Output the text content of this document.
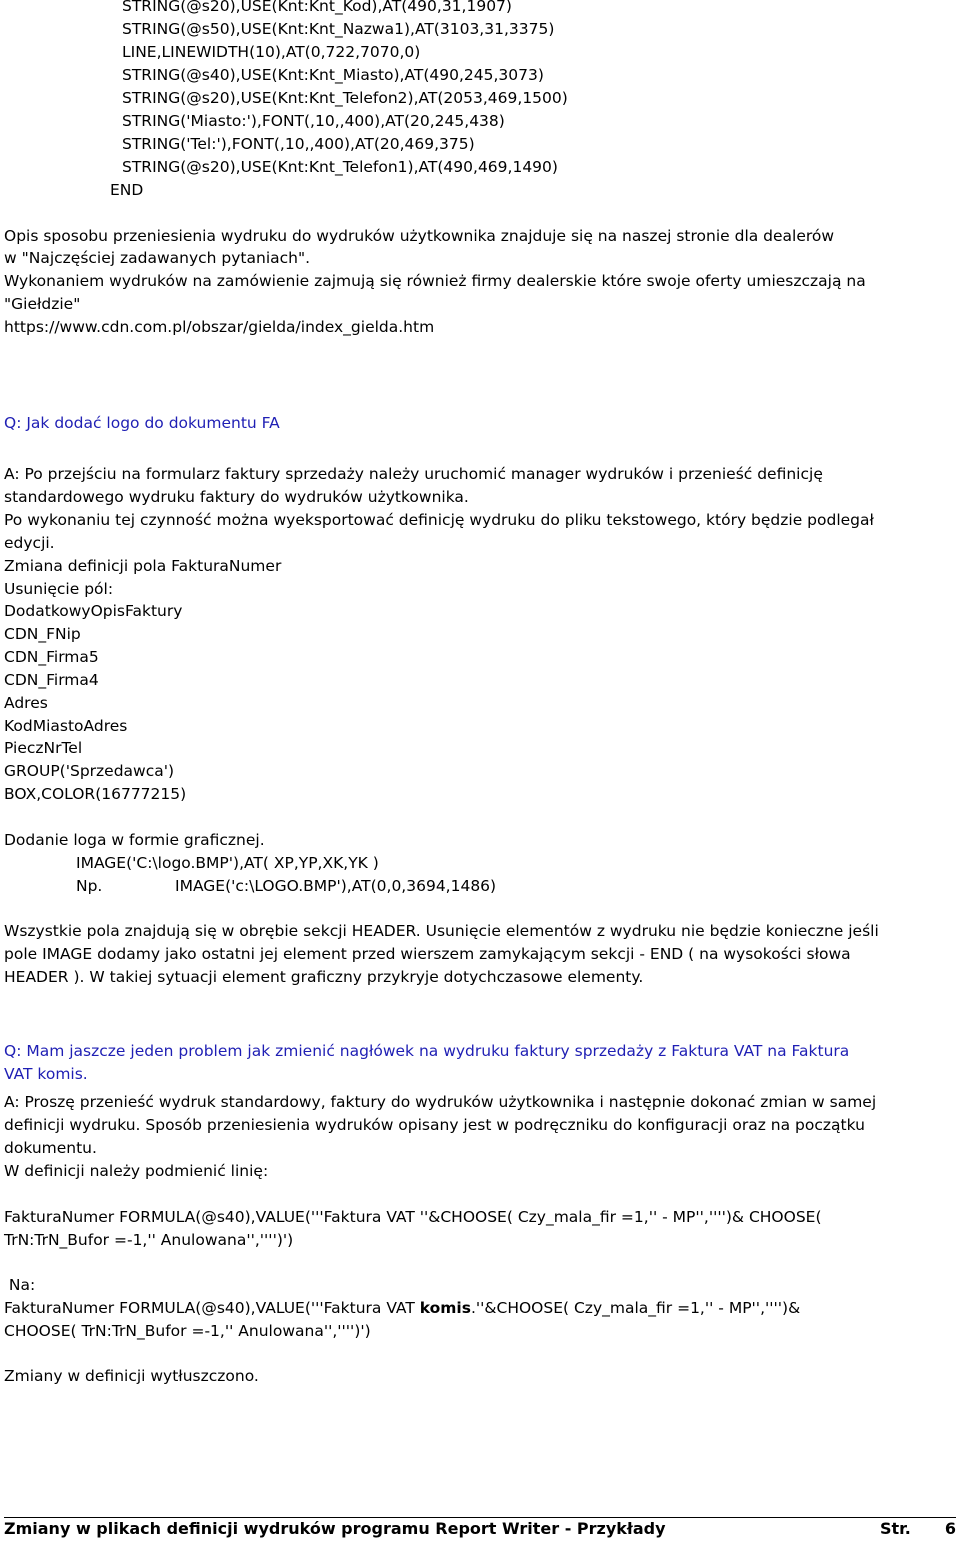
STRING(@s20),USE(Knt:Knt_Kod),AT(490,31,1907)
STRING(@s50),USE(Knt:Knt_Nazwa1),AT(3103,31,3375)
LINE,LINEWIDTH(10),AT(0,722,7070,0)
STRING(@s40),USE(Knt:Knt_Miasto),AT(490,245,3073)
STRING(@s20),USE(Knt:Knt_Telefon2),AT(2053,469,1500)
STRING('Miasto:'),FONT(,10,,400),AT(20,245,438)
STRING('Tel:'),FONT(,10,,400),AT(20,469,375)
STRING(@s20),USE(Knt:Knt_Telefon1),AT(490,469,1490)
END
Opis sposobu przeniesienia wydruku do wydruków użytkownika znajduje się na naszej stronie dla dealerów
w "Najczęściej zadawanych pytaniach".
Wykonaniem wydruków na zamówienie zajmują się również firmy dealerskie które swoje oferty umieszczają na
"Giełdzie"
https://www.cdn.com.pl/obszar/gielda/index_gielda.htm
Q: Jak dodać logo do dokumentu FA
A: Po przejściu na formularz faktury sprzedaży należy uruchomić manager wydruków i przenieść definicję
standardowego wydruku faktury do wydruków użytkownika.
Po wykonaniu tej czynność można wyeksportować definicję wydruku do pliku tekstowego, który będzie podlegał
edycji.
Zmiana definicji pola FakturaNumer
Usunięcie pól:
DodatkowyOpisFaktury
CDN_FNip
CDN_Firma5
CDN_Firma4
Adres
KodMiastoAdres
PieczNrTel
GROUP('Sprzedawca')
BOX,COLOR(16777215)
Dodanie loga w formie graficznej.
IMAGE('C:\logo.BMP'),AT( XP,YP,XK,YK )
Np.	IMAGE('c:\LOGO.BMP'),AT(0,0,3694,1486)
Wszystkie pola znajdują się w obrębie sekcji HEADER. Usunięcie elementów z wydruku nie będzie konieczne jeśli
pole IMAGE dodamy jako ostatni jej element przed wierszem zamykającym sekcji - END ( na wysokości słowa
HEADER ). W takiej sytuacji element graficzny przykryje dotychczasowe elementy.
Q: Mam jaszcze jeden problem jak zmienić nagłówek na wydruku faktury sprzedaży z Faktura VAT na Faktura
VAT komis.
A: Proszę przenieść wydruk standardowy, faktury do wydruków użytkownika i następnie dokonać zmian w samej
definicji wydruku. Sposób przeniesienia wydruków opisany jest w podręczniku do konfiguracji oraz na początku
dokumentu.
W definicji należy podmienić linię:
FakturaNumer FORMULA(@s40),VALUE('''Faktura VAT ''&CHOOSE( Czy_mala_fir =1,'' - MP'','''')& CHOOSE(
TrN:TrN_Bufor =-1,'' Anulowana'','''')')
Na:
FakturaNumer FORMULA(@s40),VALUE('''Faktura VAT komis.''&CHOOSE( Czy_mala_fir =1,'' - MP'','''')&
CHOOSE( TrN:TrN_Bufor =-1,'' Anulowana'','''')')
Zmiany w definicji wytłuszczono.
Zmiany w plikach definicji wydruków programu Report Writer - Przykłady	Str. 6
